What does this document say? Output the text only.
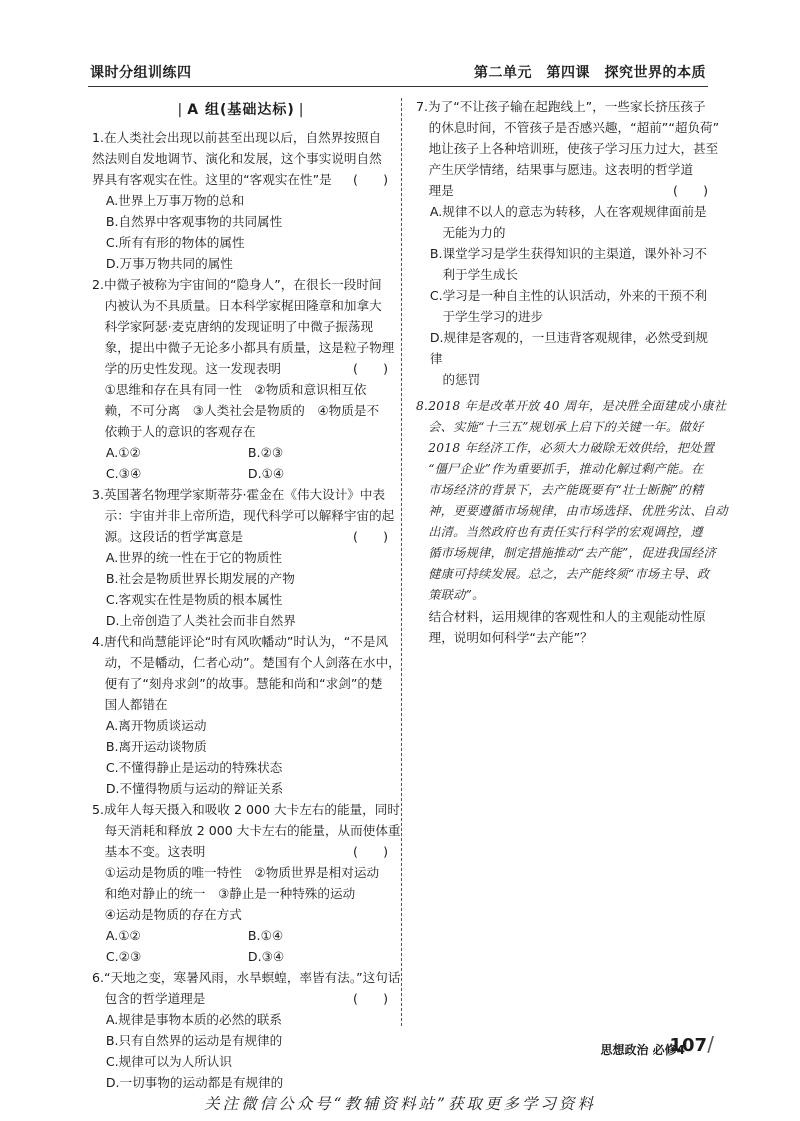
课时分组训练四	第二单元　第四课　探究世界的本质
| A 组(基础达标) |
1.在人类社会出现以前甚至出现以后，自然界按照自
然法则自发地调节、演化和发展，这个事实说明自然
界具有客观实在性。这里的“客观实在性”是 (　　)
A.世界上万事万物的总和
B.自然界中客观事物的共同属性
C.所有有形的物体的属性
D.万事万物共同的属性
2.中微子被称为宇宙间的“隐身人”，在很长一段时间
内被认为不具质量。日本科学家梶田隆章和加拿大
科学家阿瑟·麦克唐纳的发现证明了中微子振荡现
象，提出中微子无论多小都具有质量，这是粒子物理
学的历史性发现。这一发现表明	(　　)
①思维和存在具有同一性　②物质和意识相互依
赖，不可分离　③人类社会是物质的　④物质是不
依赖于人的意识的客观存在
A.①②	B.②③
C.③④	D.①④
3.英国著名物理学家斯蒂芬·霍金在《伟大设计》中表
示：宇宙并非上帝所造，现代科学可以解释宇宙的起
源。这段话的哲学寓意是	(　　)
A.世界的统一性在于它的物质性
B.社会是物质世界长期发展的产物
C.客观实在性是物质的根本属性
D.上帝创造了人类社会而非自然界
4.唐代和尚慧能评论“时有风吹幡动”时认为，“不是风
动，不是幡动，仁者心动”。楚国有个人剑落在水中，
便有了“刻舟求剑”的故事。慧能和尚和“求剑”的楚
国人都错在
A.离开物质谈运动
B.离开运动谈物质
C.不懂得静止是运动的特殊状态
D.不懂得物质与运动的辩证关系
5.成年人每天摄入和吸收 2 000 大卡左右的能量，同时
每天消耗和释放 2 000 大卡左右的能量，从而使体重
基本不变。这表明	(　　)
①运动是物质的唯一特性　②物质世界是相对运动
和绝对静止的统一　③静止是一种特殊的运动
④运动是物质的存在方式
A.①②	B.①④
C.②③	D.③④
6.“天地之变，寒暑风雨，水旱螟蝗，率皆有法。”这句话
包含的哲学道理是	(　　)
A.规律是事物本质的必然的联系
B.只有自然界的运动是有规律的
C.规律可以为人所认识
D.一切事物的运动都是有规律的
7.为了“不让孩子输在起跑线上”，一些家长挤压孩子
的休息时间，不管孩子是否感兴趣，“超前”“超负荷”
地让孩子上各种培训班，使孩子学习压力过大，甚至
产生厌学情绪，结果事与愿违。这表明的哲学道
理是	(　　)
A.规律不以人的意志为转移，人在客观规律面前是
无能为力的
B.课堂学习是学生获得知识的主渠道，课外补习不
利于学生成长
C.学习是一种自主性的认识活动，外来的干预不利
于学生学习的进步
D.规律是客观的，一旦违背客观规律，必然受到规律
的惩罚
8.2018 年是改革开放 40 周年，是决胜全面建成小康社
会、实施“十三五”规划承上启下的关键一年。做好
2018 年经济工作，必须大力破除无效供给，把处置
“僵尸企业”作为重要抓手，推动化解过剩产能。在
市场经济的背景下，去产能既要有“壮士断腕”的精
神，更要遵循市场规律，由市场选择、优胜劣汰、自动
出清。当然政府也有责任实行科学的宏观调控，遵
循市场规律，制定措施推动“去产能”，促进我国经济
健康可持续发展。总之，去产能终须“市场主导、政
策联动”。
结合材料，运用规律的客观性和人的主观能动性原
理，说明如何科学“去产能”？
思想政治 必修4
107 /
关注微信公众号“教辅资料站”获取更多学习资料
